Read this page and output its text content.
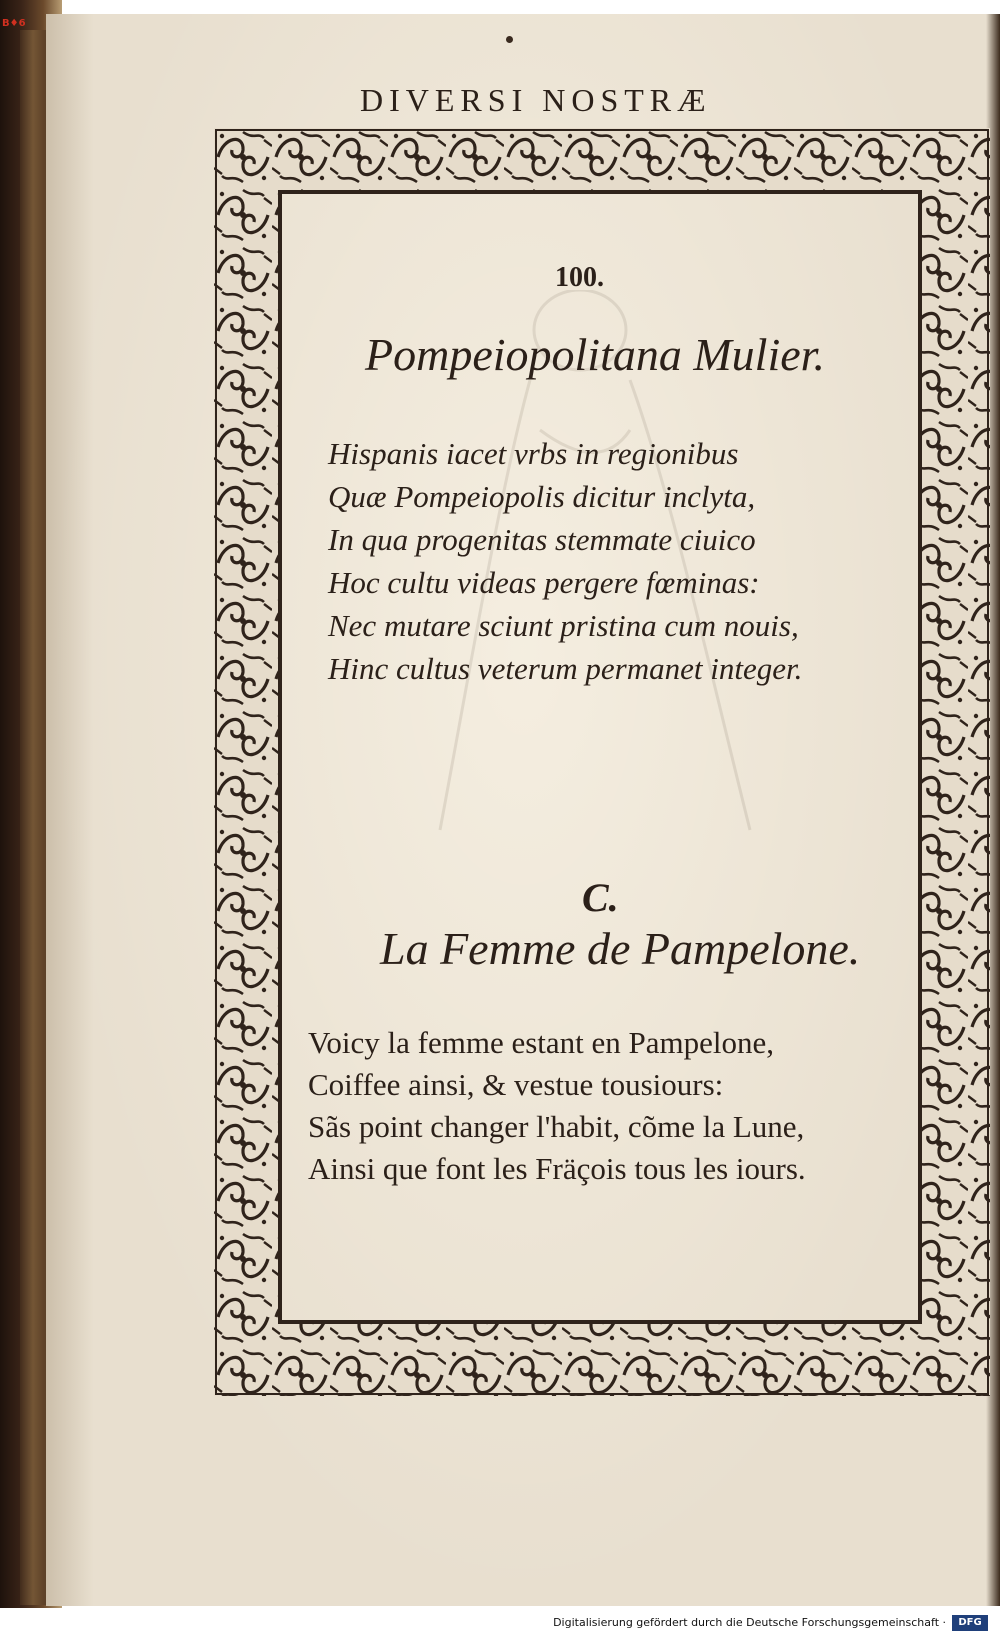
B♦6
DIVERSI NOSTRÆ
100.
Pompeiopolitana Mulier.
Hispanis iacet vrbs in regionibus
Quæ Pompeiopolis dicitur inclyta,
In qua progenitas stemmate ciuico
Hoc cultu videas pergere fœminas:
Nec mutare sciunt pristina cum nouis,
Hinc cultus veterum permanet integer.
C.
La Femme de Pampelone.
Voicy la femme estant en Pampelone,
Coiffee ainsi, & vestue tousiours:
Sãs point changer l'habit, cõme la Lune,
Ainsi que font les Fräçois tous les iours.
Digitalisierung gefördert durch die Deutsche Forschungsgemeinschaft ·	DFG
